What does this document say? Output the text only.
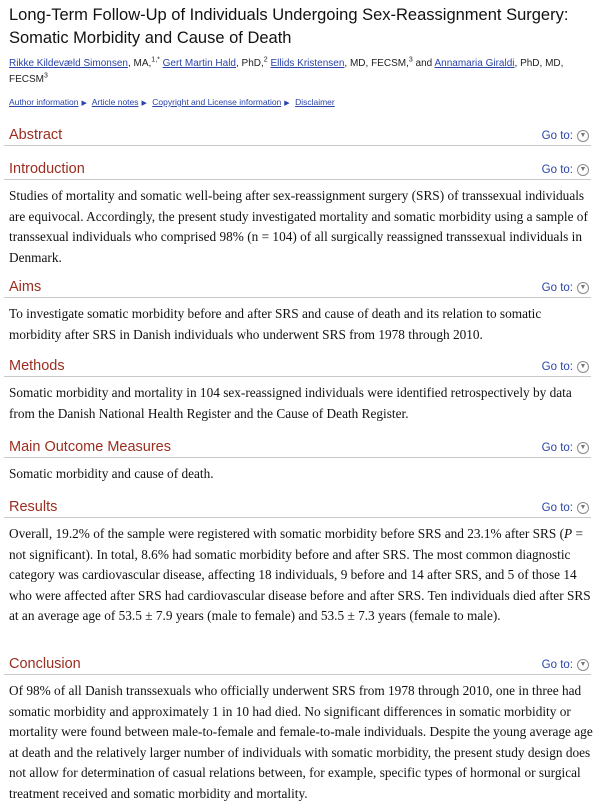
Long-Term Follow-Up of Individuals Undergoing Sex-Reassignment Surgery: Somatic Morbidity and Cause of Death
Rikke Kildevæld Simonsen, MA,$^{1,*}$ Gert Martin Hald, PhD,$^2$ Ellids Kristensen, MD, FECSM,$^3$ and Annamaria Giraldi, PhD, MD, FECSM$^3$
Author information ▶ Article notes ▶ Copyright and License information ▶ Disclaimer
Abstract	Go to: ▼
Introduction	Go to: ▼
Studies of mortality and somatic well-being after sex-reassignment surgery (SRS) of transsexual individuals are equivocal. Accordingly, the present study investigated mortality and somatic morbidity using a sample of transsexual individuals who comprised 98% (n = 104) of all surgically reassigned transsexual individuals in Denmark.
Aims	Go to: ▼
To investigate somatic morbidity before and after SRS and cause of death and its relation to somatic morbidity after SRS in Danish individuals who underwent SRS from 1978 through 2010.
Methods	Go to: ▼
Somatic morbidity and mortality in 104 sex-reassigned individuals were identified retrospectively by data from the Danish National Health Register and the Cause of Death Register.
Main Outcome Measures	Go to: ▼
Somatic morbidity and cause of death.
Results	Go to: ▼
Overall, 19.2% of the sample were registered with somatic morbidity before SRS and 23.1% after SRS (P = not significant). In total, 8.6% had somatic morbidity before and after SRS. The most common diagnostic category was cardiovascular disease, affecting 18 individuals, 9 before and 14 after SRS, and 5 of those 14 who were affected after SRS had cardiovascular disease before and after SRS. Ten individuals died after SRS at an average age of 53.5 ± 7.9 years (male to female) and 53.5 ± 7.3 years (female to male).
Conclusion	Go to: ▼
Of 98% of all Danish transsexuals who officially underwent SRS from 1978 through 2010, one in three had somatic morbidity and approximately 1 in 10 had died. No significant differences in somatic morbidity or mortality were found between male-to-female and female-to-male individuals. Despite the young average age at death and the relatively larger number of individuals with somatic morbidity, the present study design does not allow for determination of casual relations between, for example, specific types of hormonal or surgical treatment received and somatic morbidity and mortality.
